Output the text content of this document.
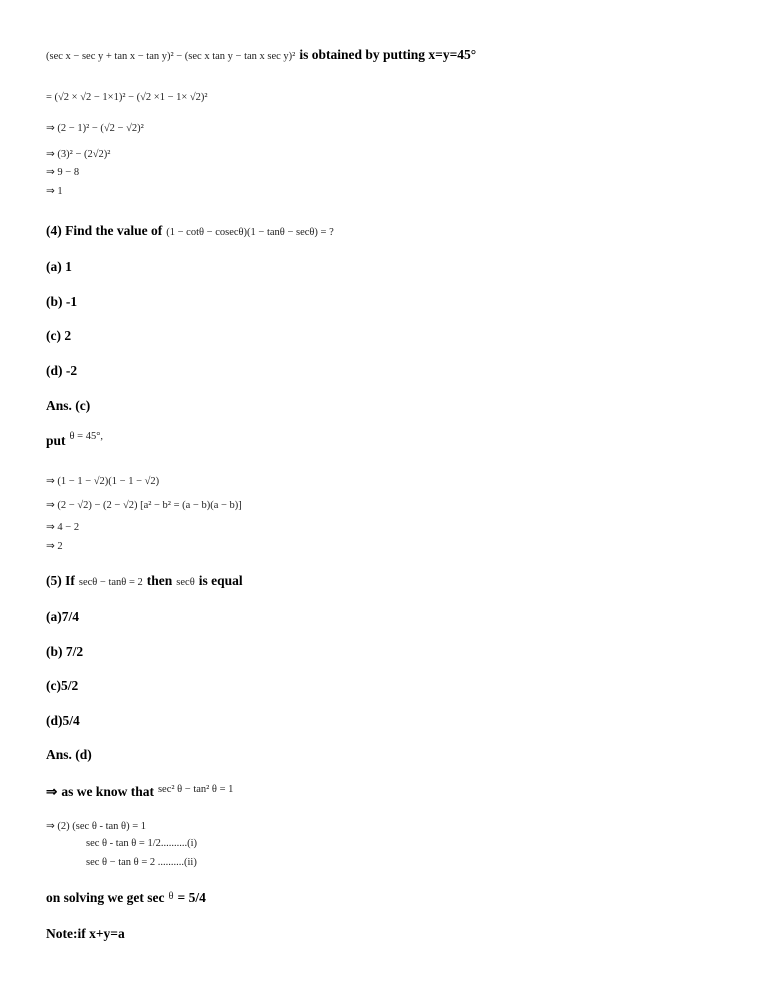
(sec x − sec y + tan x − tan y)² − (sec x tan y − tan x sec y)² is obtained by putting x=y=45°
= (√2 × √2 − 1×1)² − (√2 ×1 − 1× √2)²
⇒ (2 − 1)² − (√2 − √2)²
⇒ (3)² − (2√2)²
⇒ 9 − 8
⇒ 1
(4) Find the value of (1 − cotθ − cosecθ)(1 − tanθ − secθ) = ?
(a) 1
(b) -1
(c) 2
(d) -2
Ans. (c)
put $^{\theta = 45^\circ,}$
⇒ (1 − 1 − √2)(1 − 1 − √2)
⇒ (2 − √2) − (2 − √2) [a² − b² = (a − b)(a − b)]
⇒ 4 − 2
⇒ 2
(5) If secθ − tanθ = 2 then secθ is equal
(a)7/4
(b) 7/2
(c)5/2
(d)5/4
Ans. (d)
⇒ as we know that $^{sec^2 \theta - tan^2 \theta = 1}$
⇒ (2) (sec θ - tan θ) = 1
sec θ - tan θ = 1/2..........(i)
sec θ − tan θ = 2 ..........(ii)
on solving we get sec θ = 5/4
Note:if x+y=a
